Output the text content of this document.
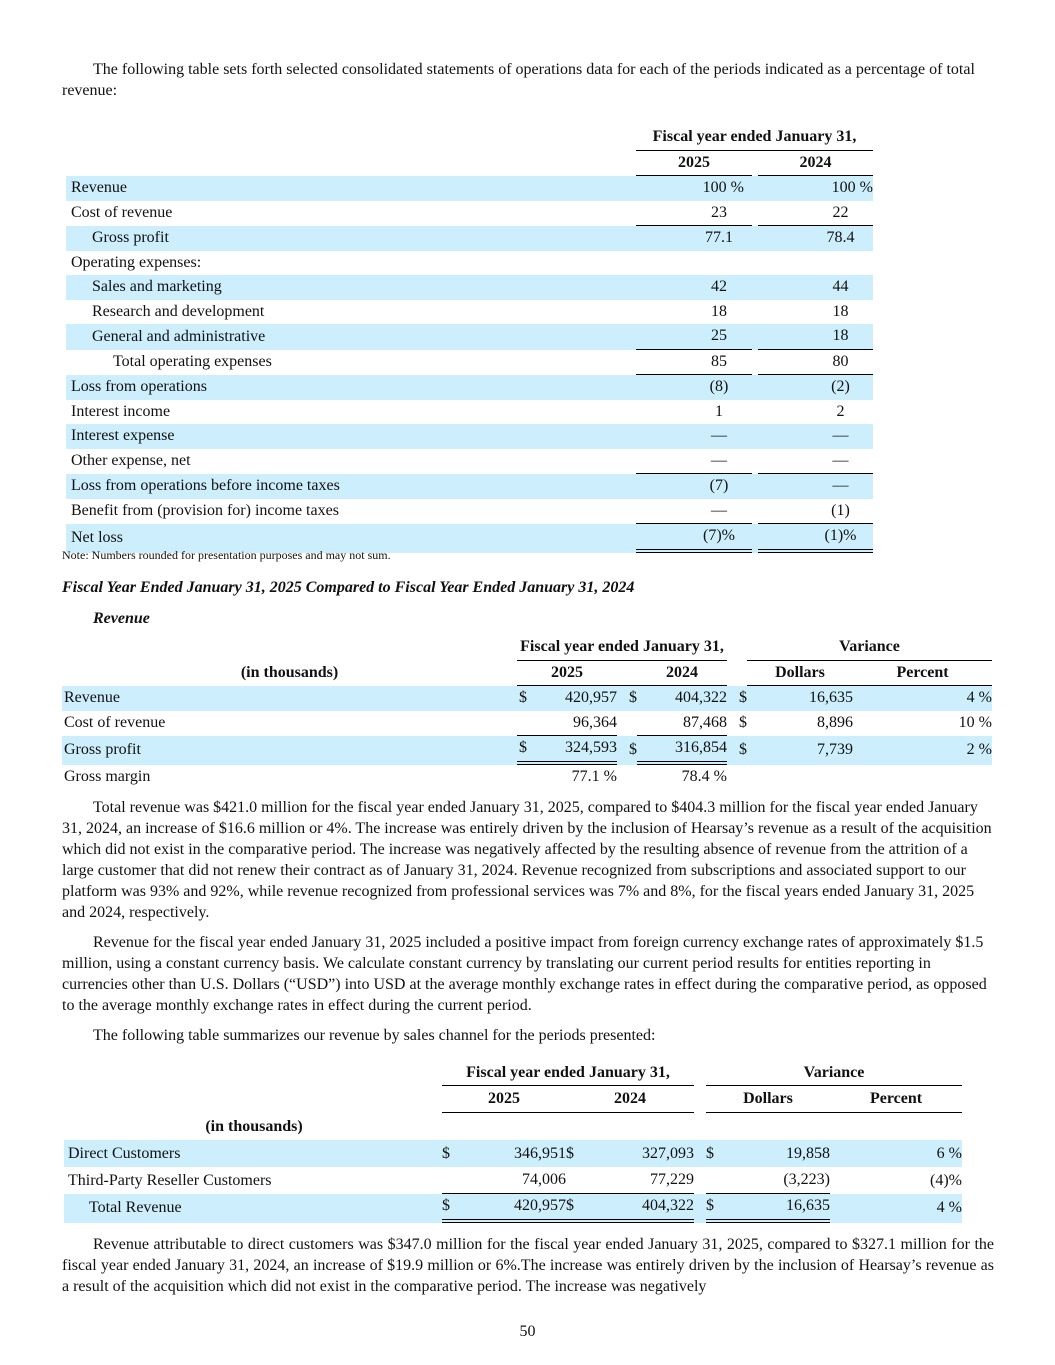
The following table sets forth selected consolidated statements of operations data for each of the periods indicated as a percentage of total revenue:

	Fiscal year ended January 31,		
	2025		2024
Revenue	100 %		100 %
Cost of revenue	23		22
Gross profit	77.1		78.4
Operating expenses:			
Sales and marketing	42		44
Research and development	18		18
General and administrative	25		18
Total operating expenses	85		80
Loss from operations	(8)		(2)
Interest income	1		2
Interest expense	—		—
Other expense, net	—		—
Loss from operations before income taxes	(7)		—
Benefit from (provision for) income taxes	—		(1)
Net loss	(7)%		(1)%

Note: Numbers rounded for presentation purposes and may not sum.

Fiscal Year Ended January 31, 2025 Compared to Fiscal Year Ended January 31, 2024

Revenue

	Fiscal year ended January 31,						Variance		
(in thousands)	2025			2024			Dollars		Percent
Revenue	$	420,957	$		404,322	$		16,635	4 %
Cost of revenue		96,364			87,468	$		8,896	10 %
Gross profit	$	324,593	$		316,854	$		7,739	2 %
Gross margin		77.1 %			78.4 %				

Total revenue was $421.0 million for the fiscal year ended January 31, 2025, compared to $404.3 million for the fiscal year ended January 31, 2024, an increase of $16.6 million or 4%. The increase was entirely driven by the inclusion of Hearsay’s revenue as a result of the acquisition which did not exist in the comparative period. The increase was negatively affected by the resulting absence of revenue from the attrition of a large customer that did not renew their contract as of January 31, 2024. Revenue recognized from subscriptions and associated support to our platform was 93% and 92%, while revenue recognized from professional services was 7% and 8%, for the fiscal years ended January 31, 2025 and 2024, respectively.

Revenue for the fiscal year ended January 31, 2025 included a positive impact from foreign currency exchange rates of approximately $1.5 million, using a constant currency basis. We calculate constant currency by translating our current period results for entities reporting in currencies other than U.S. Dollars (“USD”) into USD at the average monthly exchange rates in effect during the comparative period, as opposed to the average monthly exchange rates in effect during the current period.

The following table summarizes our revenue by sales channel for the periods presented:

	Fiscal year ended January 31,					Variance		
	2025		2024			Dollars		Percent
(in thousands)								
Direct Customers	$	346,951	$	327,093		$	19,858	6 %
Third-Party Reseller Customers		74,006		77,229			(3,223)	(4)%
Total Revenue	$	420,957	$	404,322		$	16,635	4 %

Revenue attributable to direct customers was $347.0 million for the fiscal year ended January 31, 2025, compared to $327.1 million for the fiscal year ended January 31, 2024, an increase of $19.9 million or 6%.The increase was entirely driven by the inclusion of Hearsay’s revenue as a result of the acquisition which did not exist in the comparative period. The increase was negatively

50
